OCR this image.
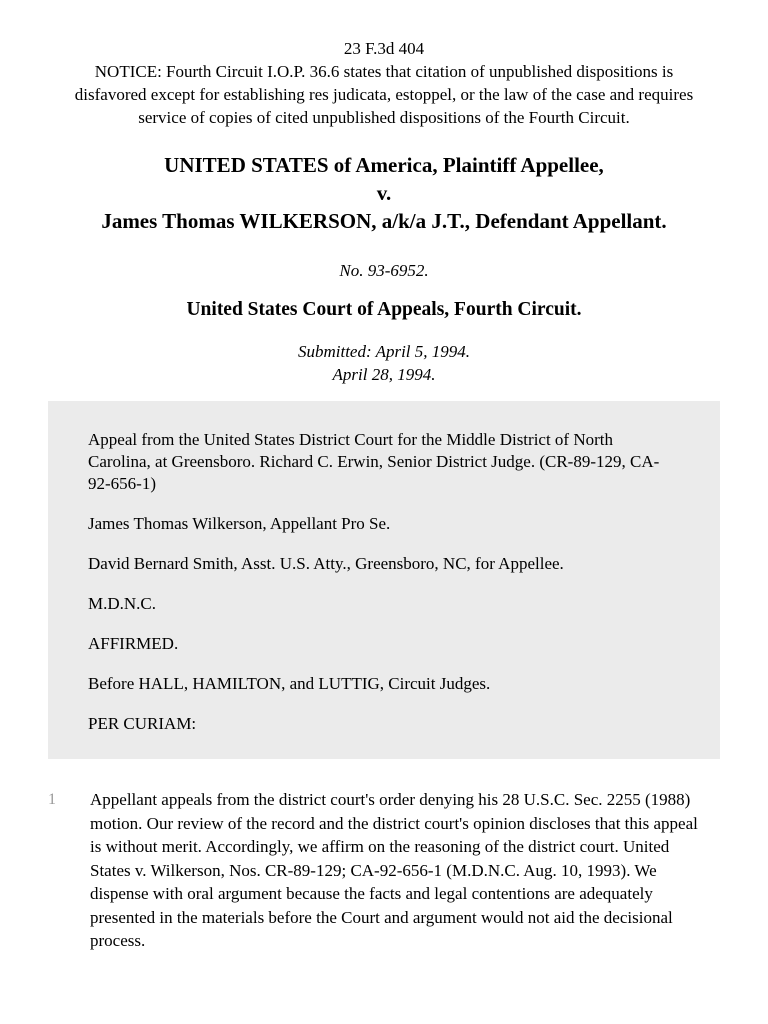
23 F.3d 404
NOTICE: Fourth Circuit I.O.P. 36.6 states that citation of unpublished dispositions is disfavored except for establishing res judicata, estoppel, or the law of the case and requires service of copies of cited unpublished dispositions of the Fourth Circuit.
UNITED STATES of America, Plaintiff Appellee,
v.
James Thomas WILKERSON, a/k/a J.T., Defendant Appellant.
No. 93-6952.
United States Court of Appeals, Fourth Circuit.
Submitted: April 5, 1994.
April 28, 1994.

Appeal from the United States District Court for the Middle District of North Carolina, at Greensboro. Richard C. Erwin, Senior District Judge. (CR-89-129, CA-92-656-1)

James Thomas Wilkerson, Appellant Pro Se.

David Bernard Smith, Asst. U.S. Atty., Greensboro, NC, for Appellee.

M.D.N.C.

AFFIRMED.

Before HALL, HAMILTON, and LUTTIG, Circuit Judges.

PER CURIAM:

1	Appellant appeals from the district court's order denying his 28 U.S.C. Sec. 2255 (1988) motion. Our review of the record and the district court's opinion discloses that this appeal is without merit. Accordingly, we affirm on the reasoning of the district court. United States v. Wilkerson, Nos. CR-89-129; CA-92-656-1 (M.D.N.C. Aug. 10, 1993). We dispense with oral argument because the facts and legal contentions are adequately presented in the materials before the Court and argument would not aid the decisional process.
